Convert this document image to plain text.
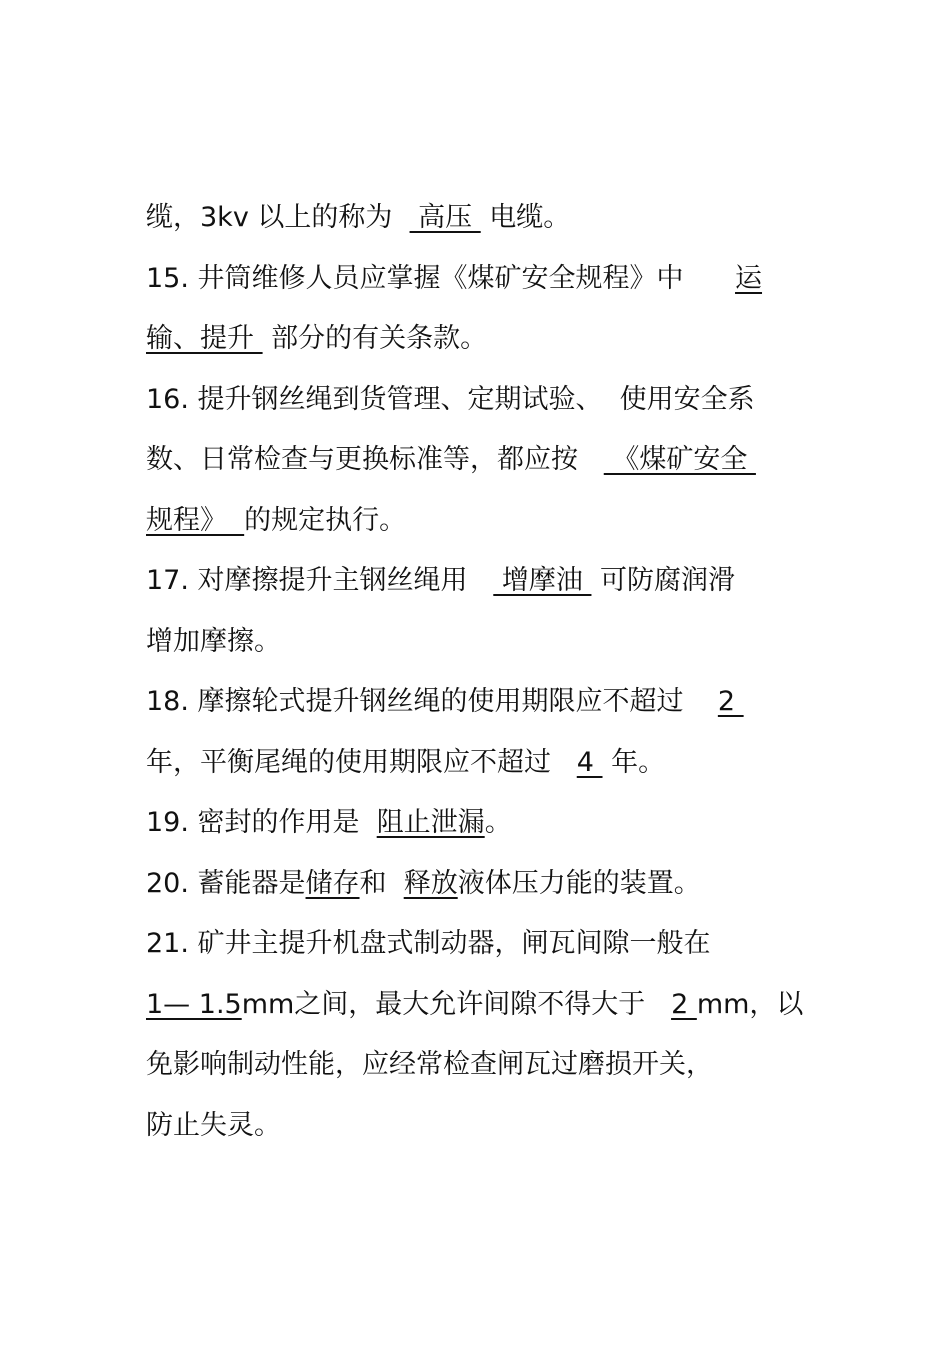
缆，3kv 以上的称为   高压  电缆。
15. 井筒维修人员应掌握《煤矿安全规程》中      运
输、提升  部分的有关条款。
16. 提升钢丝绳到货管理、定期试验、  使用安全系
数、日常检查与更换标准等，都应按    《煤矿安全
规程》  的规定执行。
17. 对摩擦提升主钢丝绳用    增摩油  可防腐润滑
增加摩擦。
18. 摩擦轮式提升钢丝绳的使用期限应不超过    2
年，平衡尾绳的使用期限应不超过   4  年。
19. 密封的作用是  阻止泄漏。
20. 蓄能器是储存和  释放液体压力能的装置。
21. 矿井主提升机盘式制动器，闸瓦间隙一般在
1— 1.5mm之间，最大允许间隙不得大于   2 mm，以
免影响制动性能，应经常检查闸瓦过磨损开关，
防止失灵。
